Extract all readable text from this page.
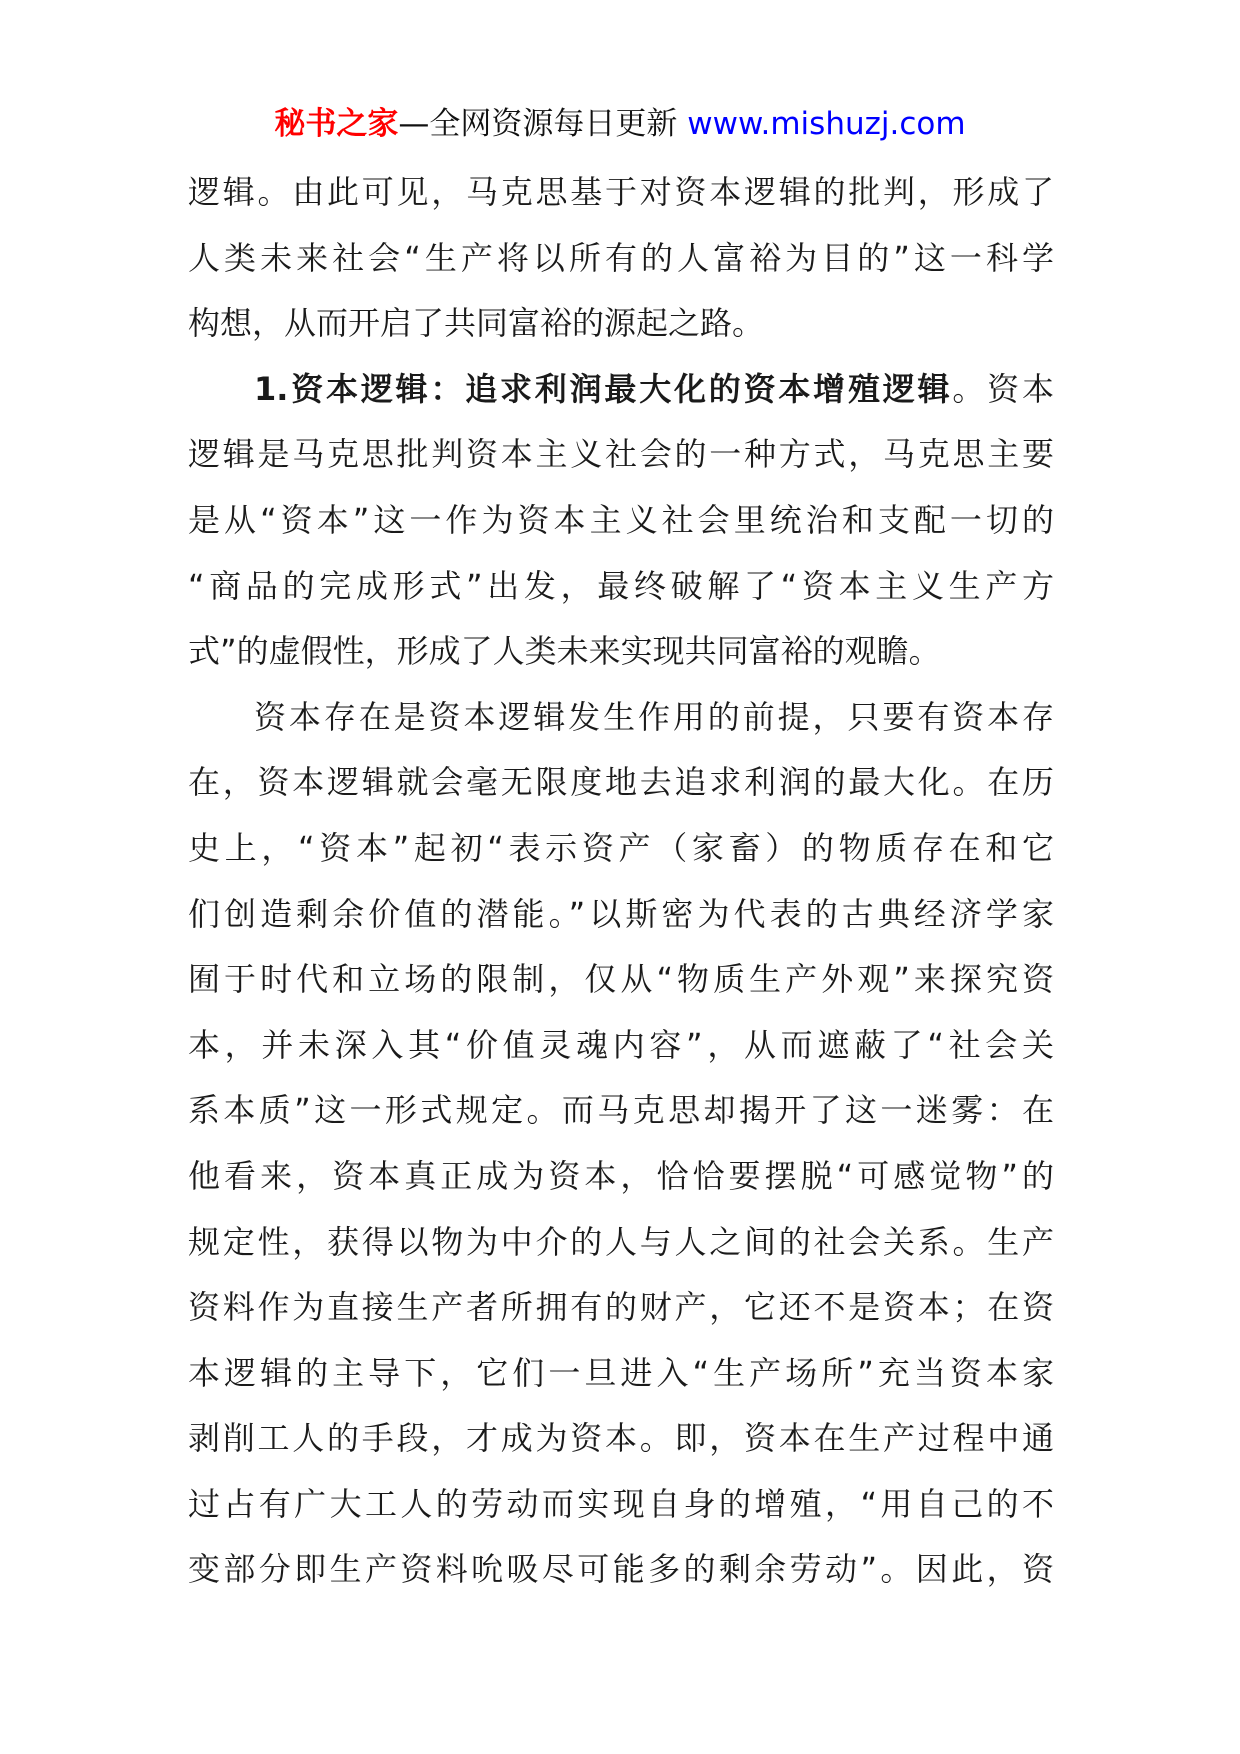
秘书之家—全网资源每日更新 www.mishuzj.com
逻辑。由此可见，马克思基于对资本逻辑的批判，形成了
人类未来社会“生产将以所有的人富裕为目的”这一科学
构想，从而开启了共同富裕的源起之路。
1.资本逻辑：追求利润最大化的资本增殖逻辑。资本
逻辑是马克思批判资本主义社会的一种方式，马克思主要
是从“资本”这一作为资本主义社会里统治和支配一切的
“商品的完成形式”出发，最终破解了“资本主义生产方
式”的虚假性，形成了人类未来实现共同富裕的观瞻。
资本存在是资本逻辑发生作用的前提，只要有资本存
在，资本逻辑就会毫无限度地去追求利润的最大化。在历
史上，“资本”起初“表示资产（家畜）的物质存在和它
们创造剩余价值的潜能。”以斯密为代表的古典经济学家
囿于时代和立场的限制，仅从“物质生产外观”来探究资
本，并未深入其“价值灵魂内容”，从而遮蔽了“社会关
系本质”这一形式规定。而马克思却揭开了这一迷雾：在
他看来，资本真正成为资本，恰恰要摆脱“可感觉物”的
规定性，获得以物为中介的人与人之间的社会关系。生产
资料作为直接生产者所拥有的财产，它还不是资本；在资
本逻辑的主导下，它们一旦进入“生产场所”充当资本家
剥削工人的手段，才成为资本。即，资本在生产过程中通
过占有广大工人的劳动而实现自身的增殖，“用自己的不
变部分即生产资料吮吸尽可能多的剩余劳动”。因此，资
